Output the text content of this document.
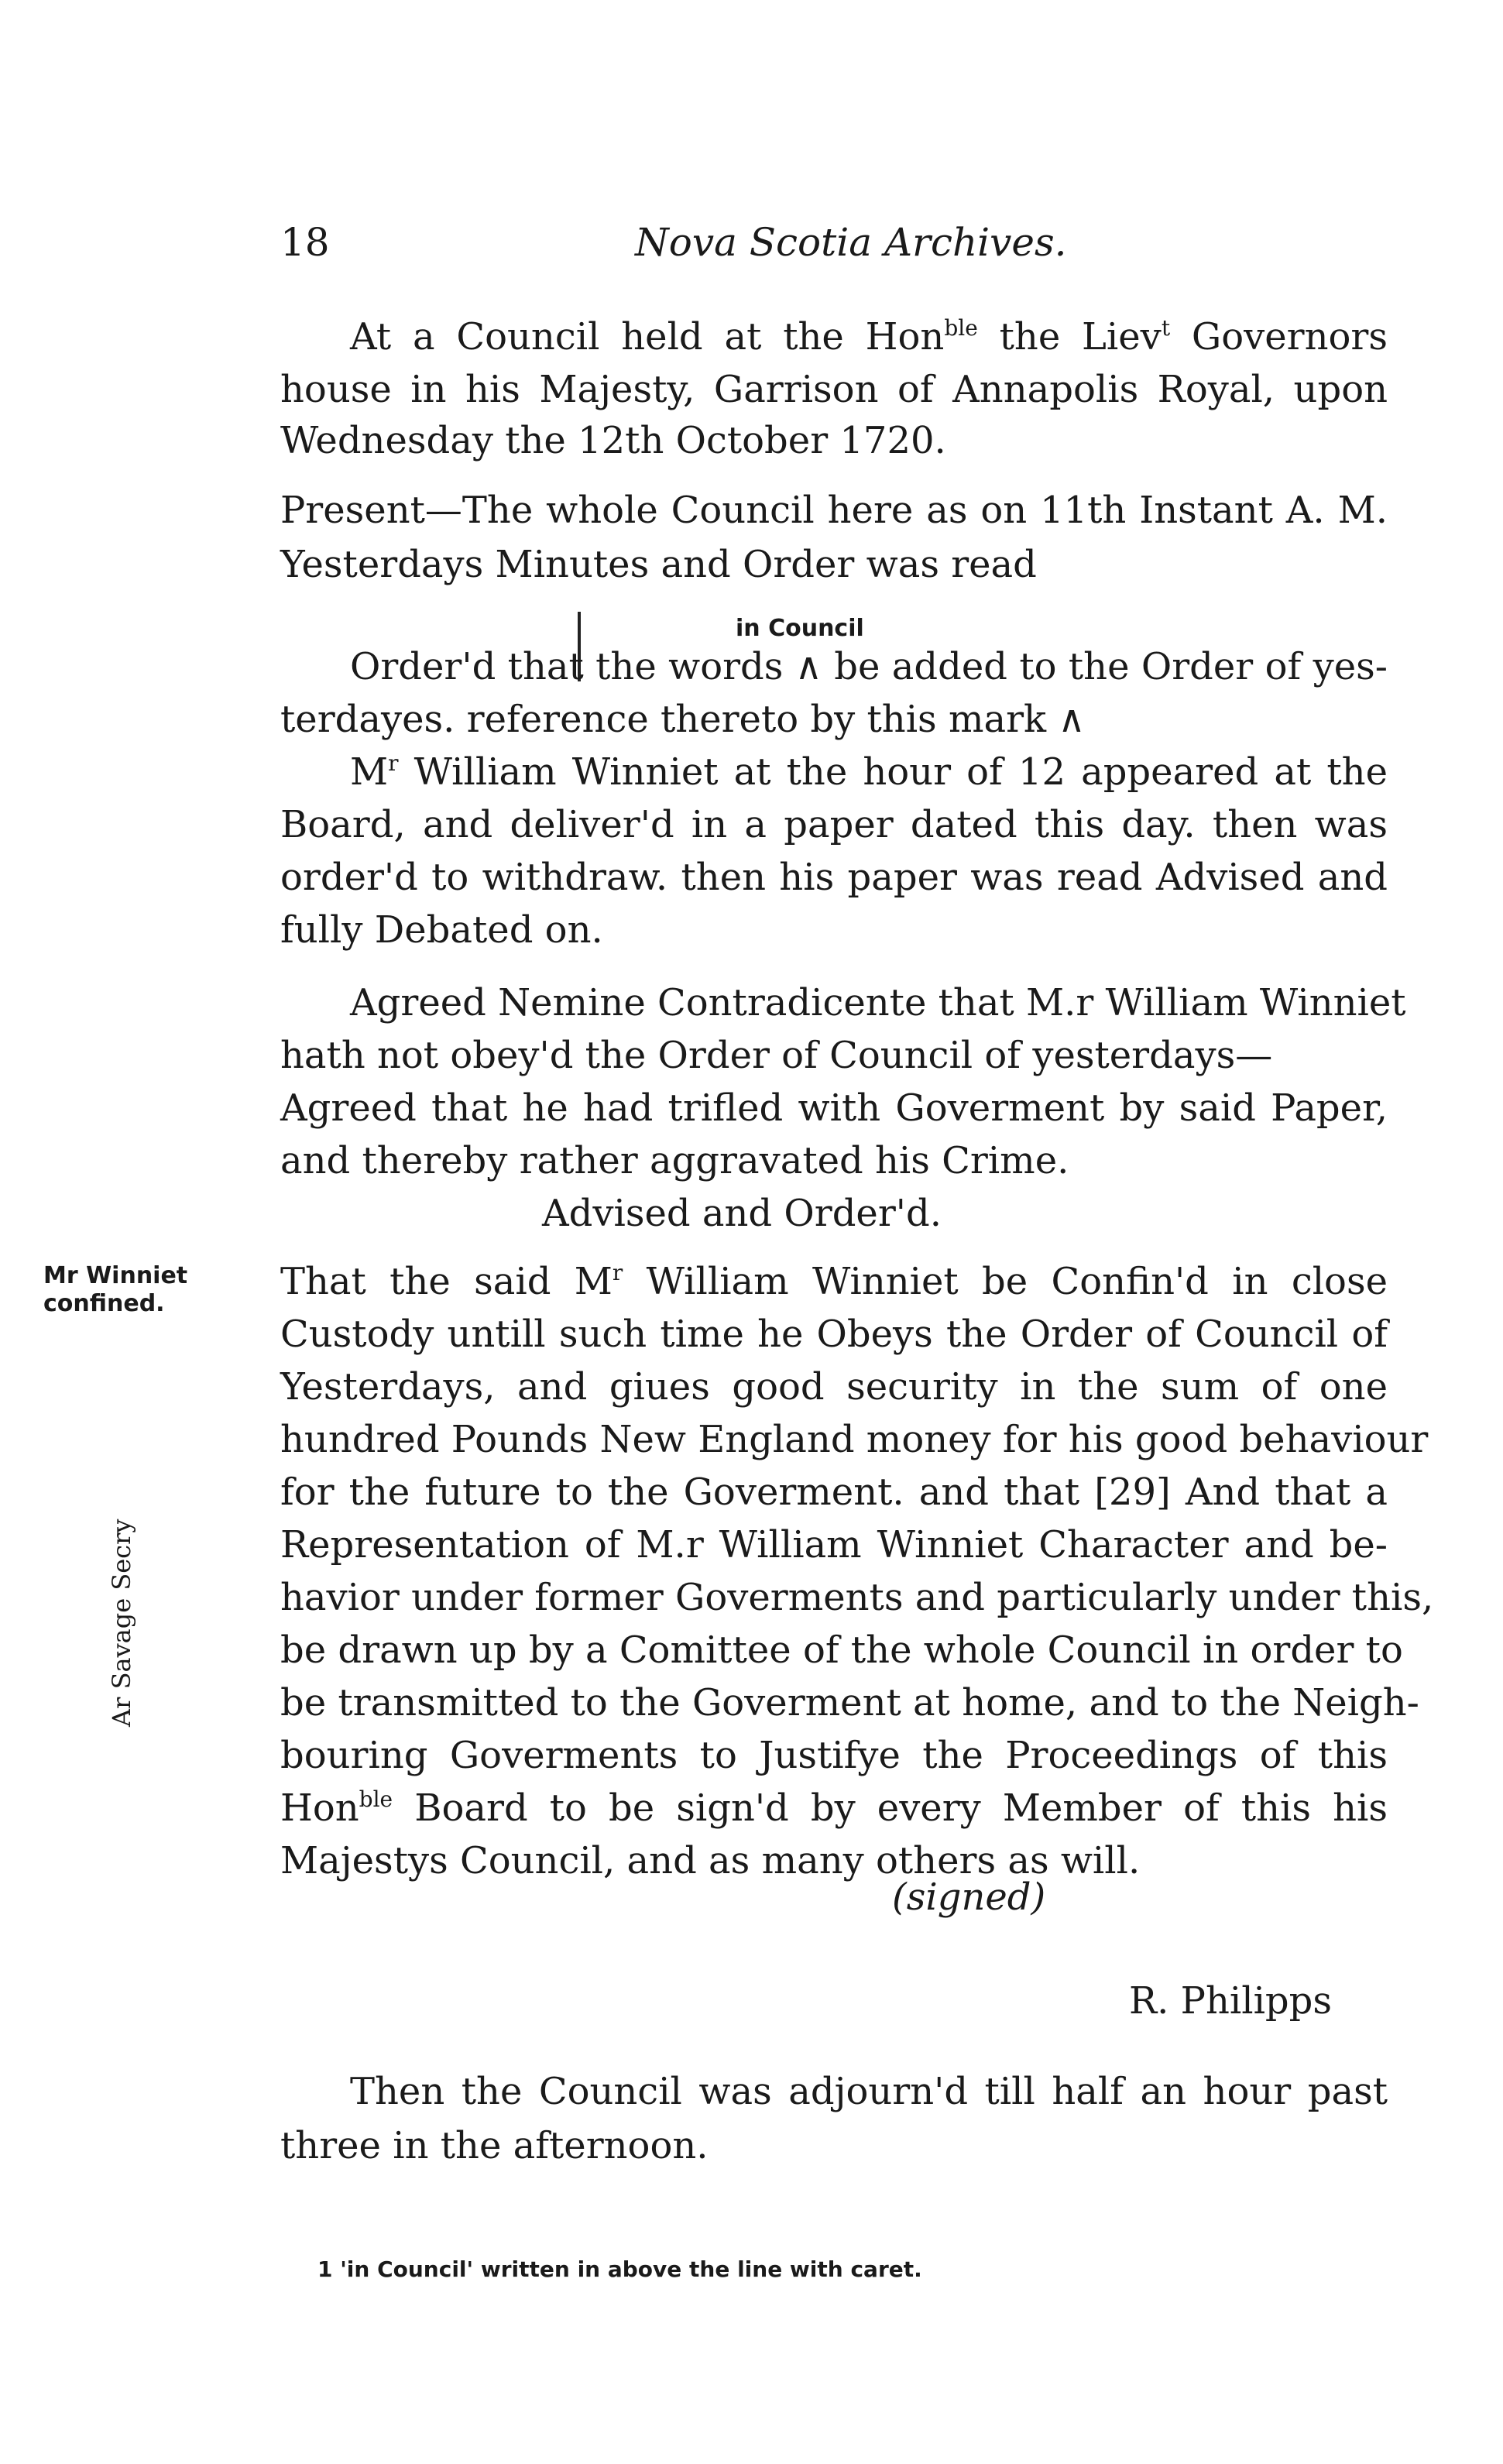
18	Nova Scotia Archives.
in Council
At a Council held at the Hon$^{ble}$ the Liev$^t$ Governors
house in his Majesty, Garrison of Annapolis Royal, upon
Wednesday the 12th October 1720.
Present—The whole Council here as on 11th Instant A. M.
Yesterdays Minutes and Order was read
Order'd that the words ∧ be added to the Order of yes-
terdayes. reference thereto by this mark ∧
$M^r$ William Winniet at the hour of 12 appeared at the
Board, and deliver'd in a paper dated this day. then was
order'd to withdraw. then his paper was read Advised and
fully Debated on.
Agreed Nemine Contradicente that M.r William Winniet
hath not obey'd the Order of Council of yesterdays—
Agreed that he had trifled with Goverment by said Paper,
and thereby rather aggravated his Crime.
Advised and Order'd.
That the said $M^r$ William Winniet be Confin'd in close
Custody untill such time he Obeys the Order of Council of
Yesterdays, and giues good security in the sum of one
hundred Pounds New England money for his good behaviour
for the future to the Goverment. and that [29] And that a
Representation of M.r William Winniet Character and be-
havior under former Goverments and particularly under this,
be drawn up by a Comittee of the whole Council in order to
be transmitted to the Goverment at home, and to the Neigh-
bouring Goverments to Justifye the Proceedings of this
Hon$^{ble}$ Board to be sign'd by every Member of this his
Majestys Council, and as many others as will.
Then the Council was adjourn'd till half an hour past
three in the afternoon.
(signed)
R. Philipps
Mr Winniet
confined.
Ar Savage Secry
1 'in Council' written in above the line with caret.
